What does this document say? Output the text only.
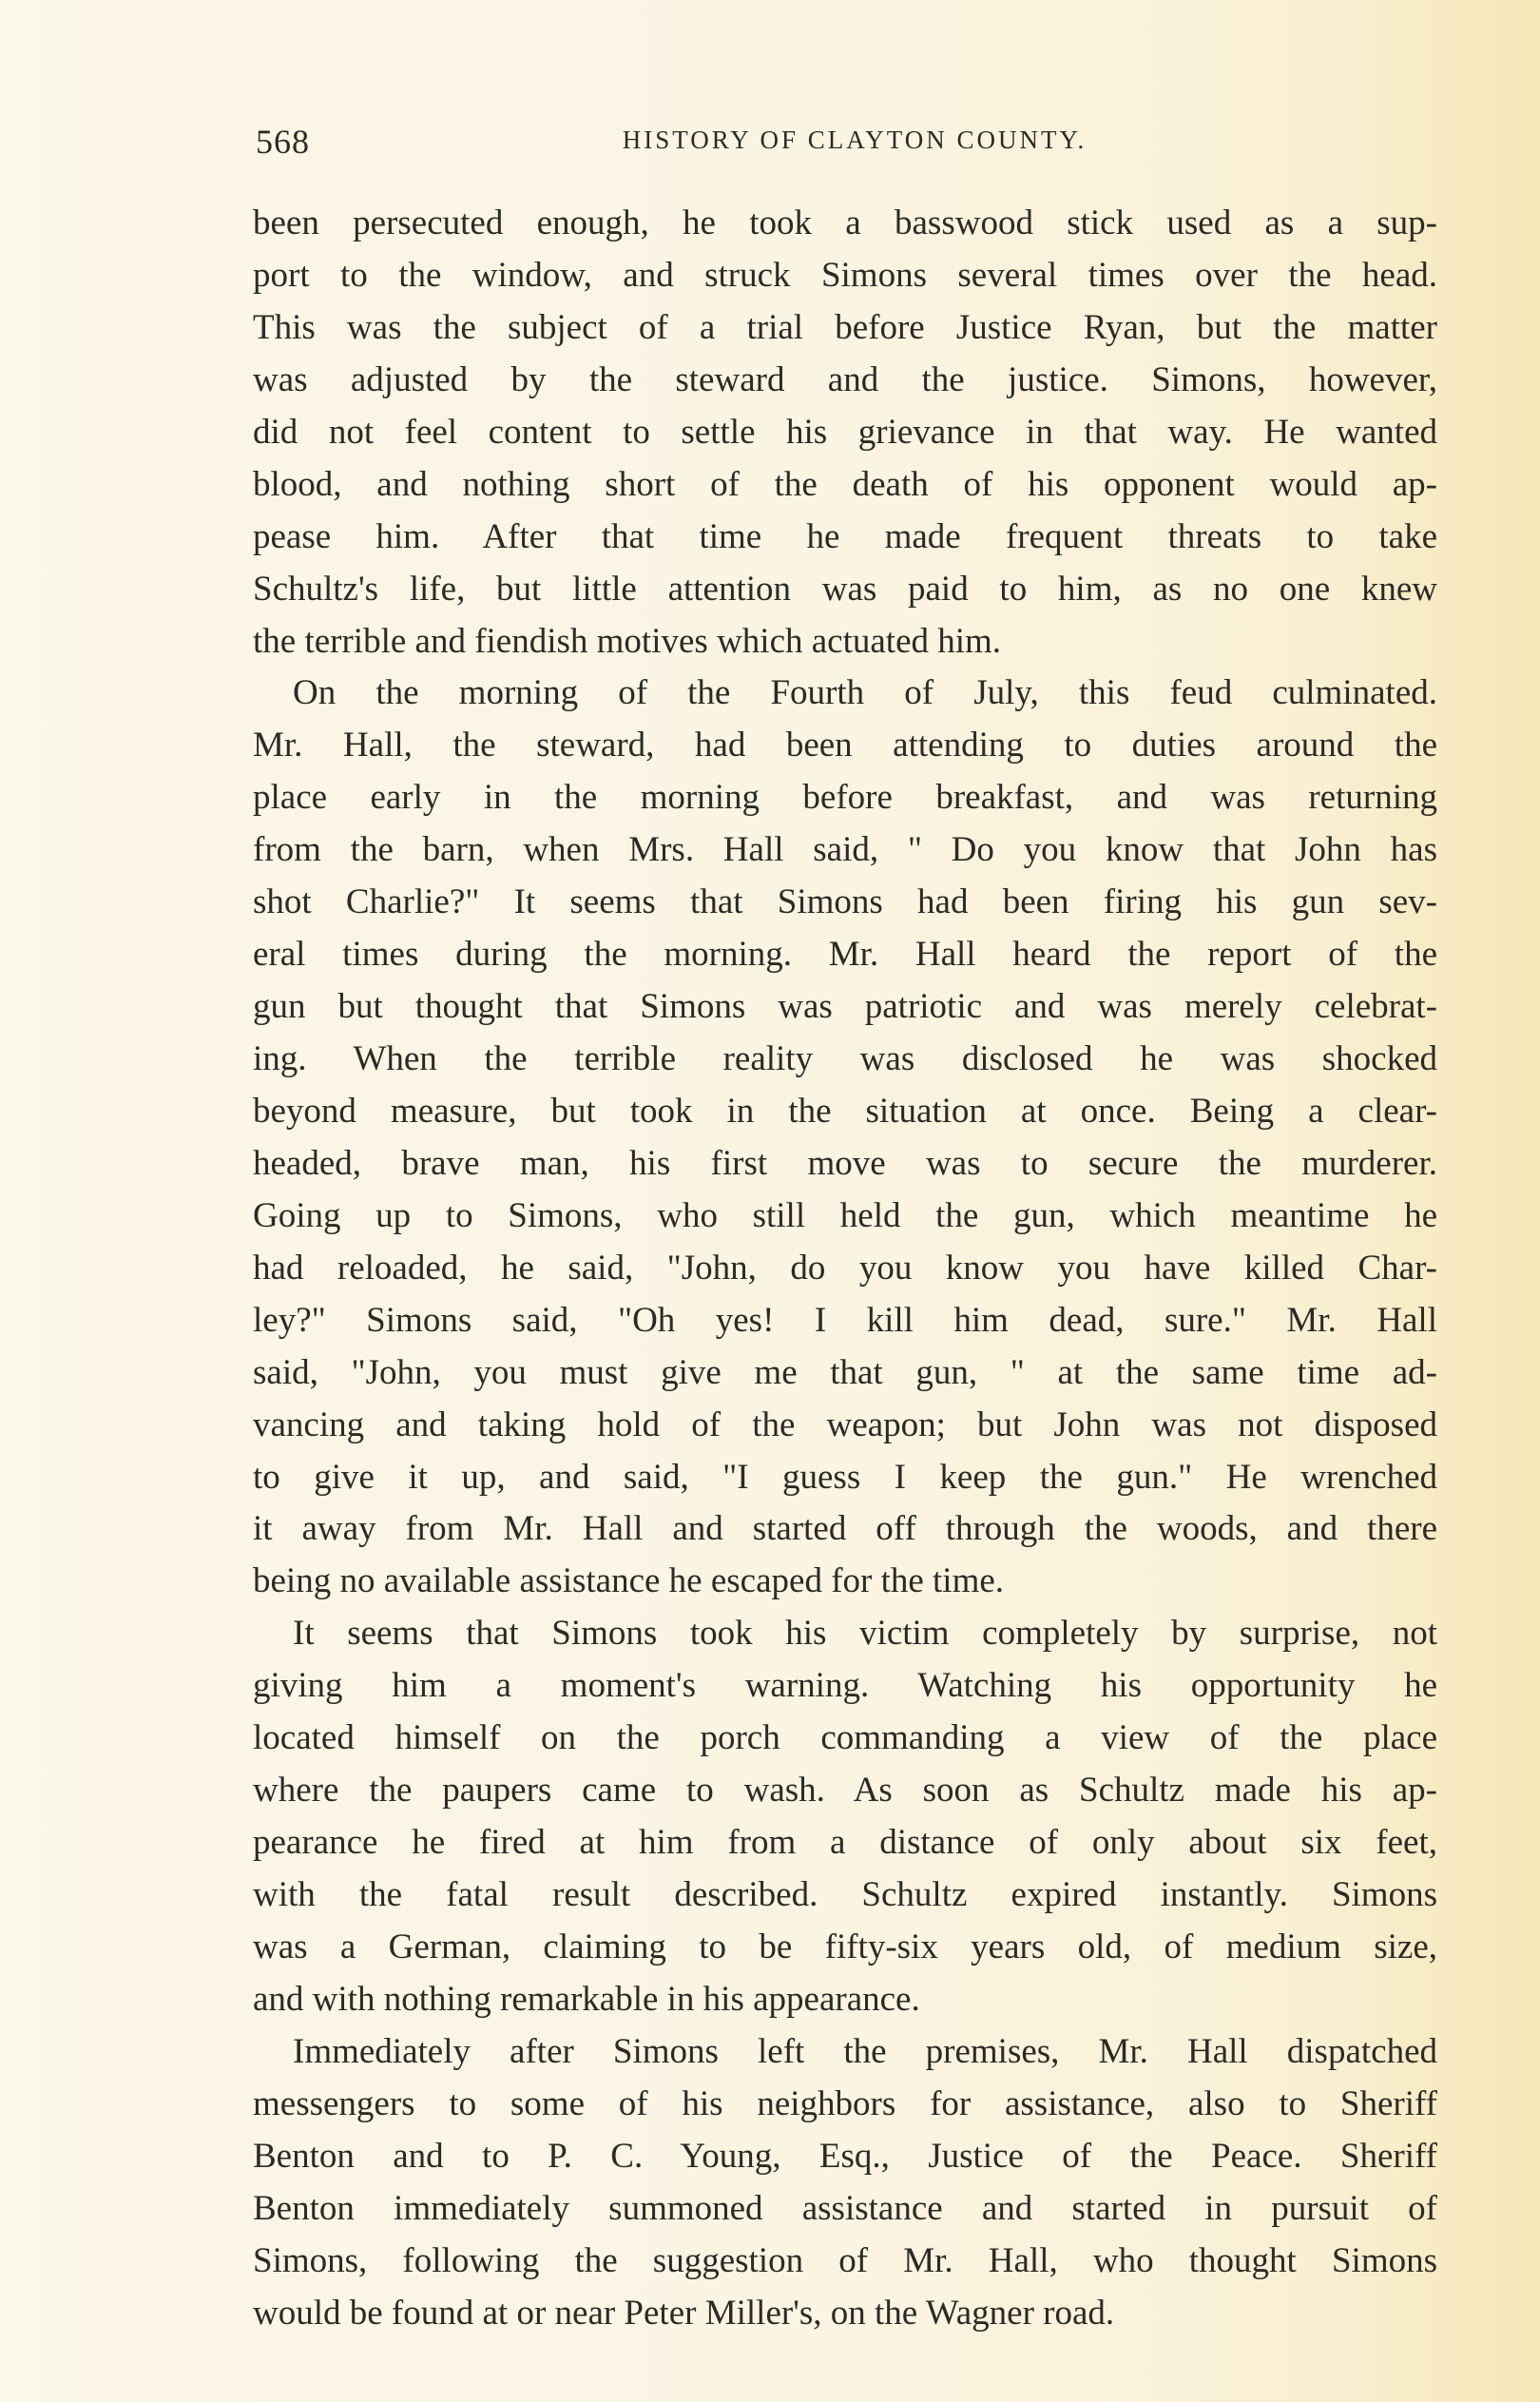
568	HISTORY OF CLAYTON COUNTY.
been persecuted enough, he took a basswood stick used as a sup-
port to the window, and struck Simons several times over the head.
This was the subject of a trial before Justice Ryan, but the matter
was adjusted by the steward and the justice. Simons, however,
did not feel content to settle his grievance in that way. He wanted
blood, and nothing short of the death of his opponent would ap-
pease him. After that time he made frequent threats to take
Schultz's life, but little attention was paid to him, as no one knew
the terrible and fiendish motives which actuated him.
On the morning of the Fourth of July, this feud culminated.
Mr. Hall, the steward, had been attending to duties around the
place early in the morning before breakfast, and was returning
from the barn, when Mrs. Hall said, " Do you know that John has
shot Charlie?" It seems that Simons had been firing his gun sev-
eral times during the morning. Mr. Hall heard the report of the
gun but thought that Simons was patriotic and was merely celebrat-
ing. When the terrible reality was disclosed he was shocked
beyond measure, but took in the situation at once. Being a clear-
headed, brave man, his first move was to secure the murderer.
Going up to Simons, who still held the gun, which meantime he
had reloaded, he said, "John, do you know you have killed Char-
ley?" Simons said, "Oh yes! I kill him dead, sure." Mr. Hall
said, "John, you must give me that gun, " at the same time ad-
vancing and taking hold of the weapon; but John was not disposed
to give it up, and said, "I guess I keep the gun." He wrenched
it away from Mr. Hall and started off through the woods, and there
being no available assistance he escaped for the time.
It seems that Simons took his victim completely by surprise, not
giving him a moment's warning. Watching his opportunity he
located himself on the porch commanding a view of the place
where the paupers came to wash. As soon as Schultz made his ap-
pearance he fired at him from a distance of only about six feet,
with the fatal result described. Schultz expired instantly. Simons
was a German, claiming to be fifty-six years old, of medium size,
and with nothing remarkable in his appearance.
Immediately after Simons left the premises, Mr. Hall dispatched
messengers to some of his neighbors for assistance, also to Sheriff
Benton and to P. C. Young, Esq., Justice of the Peace. Sheriff
Benton immediately summoned assistance and started in pursuit of
Simons, following the suggestion of Mr. Hall, who thought Simons
would be found at or near Peter Miller's, on the Wagner road.
